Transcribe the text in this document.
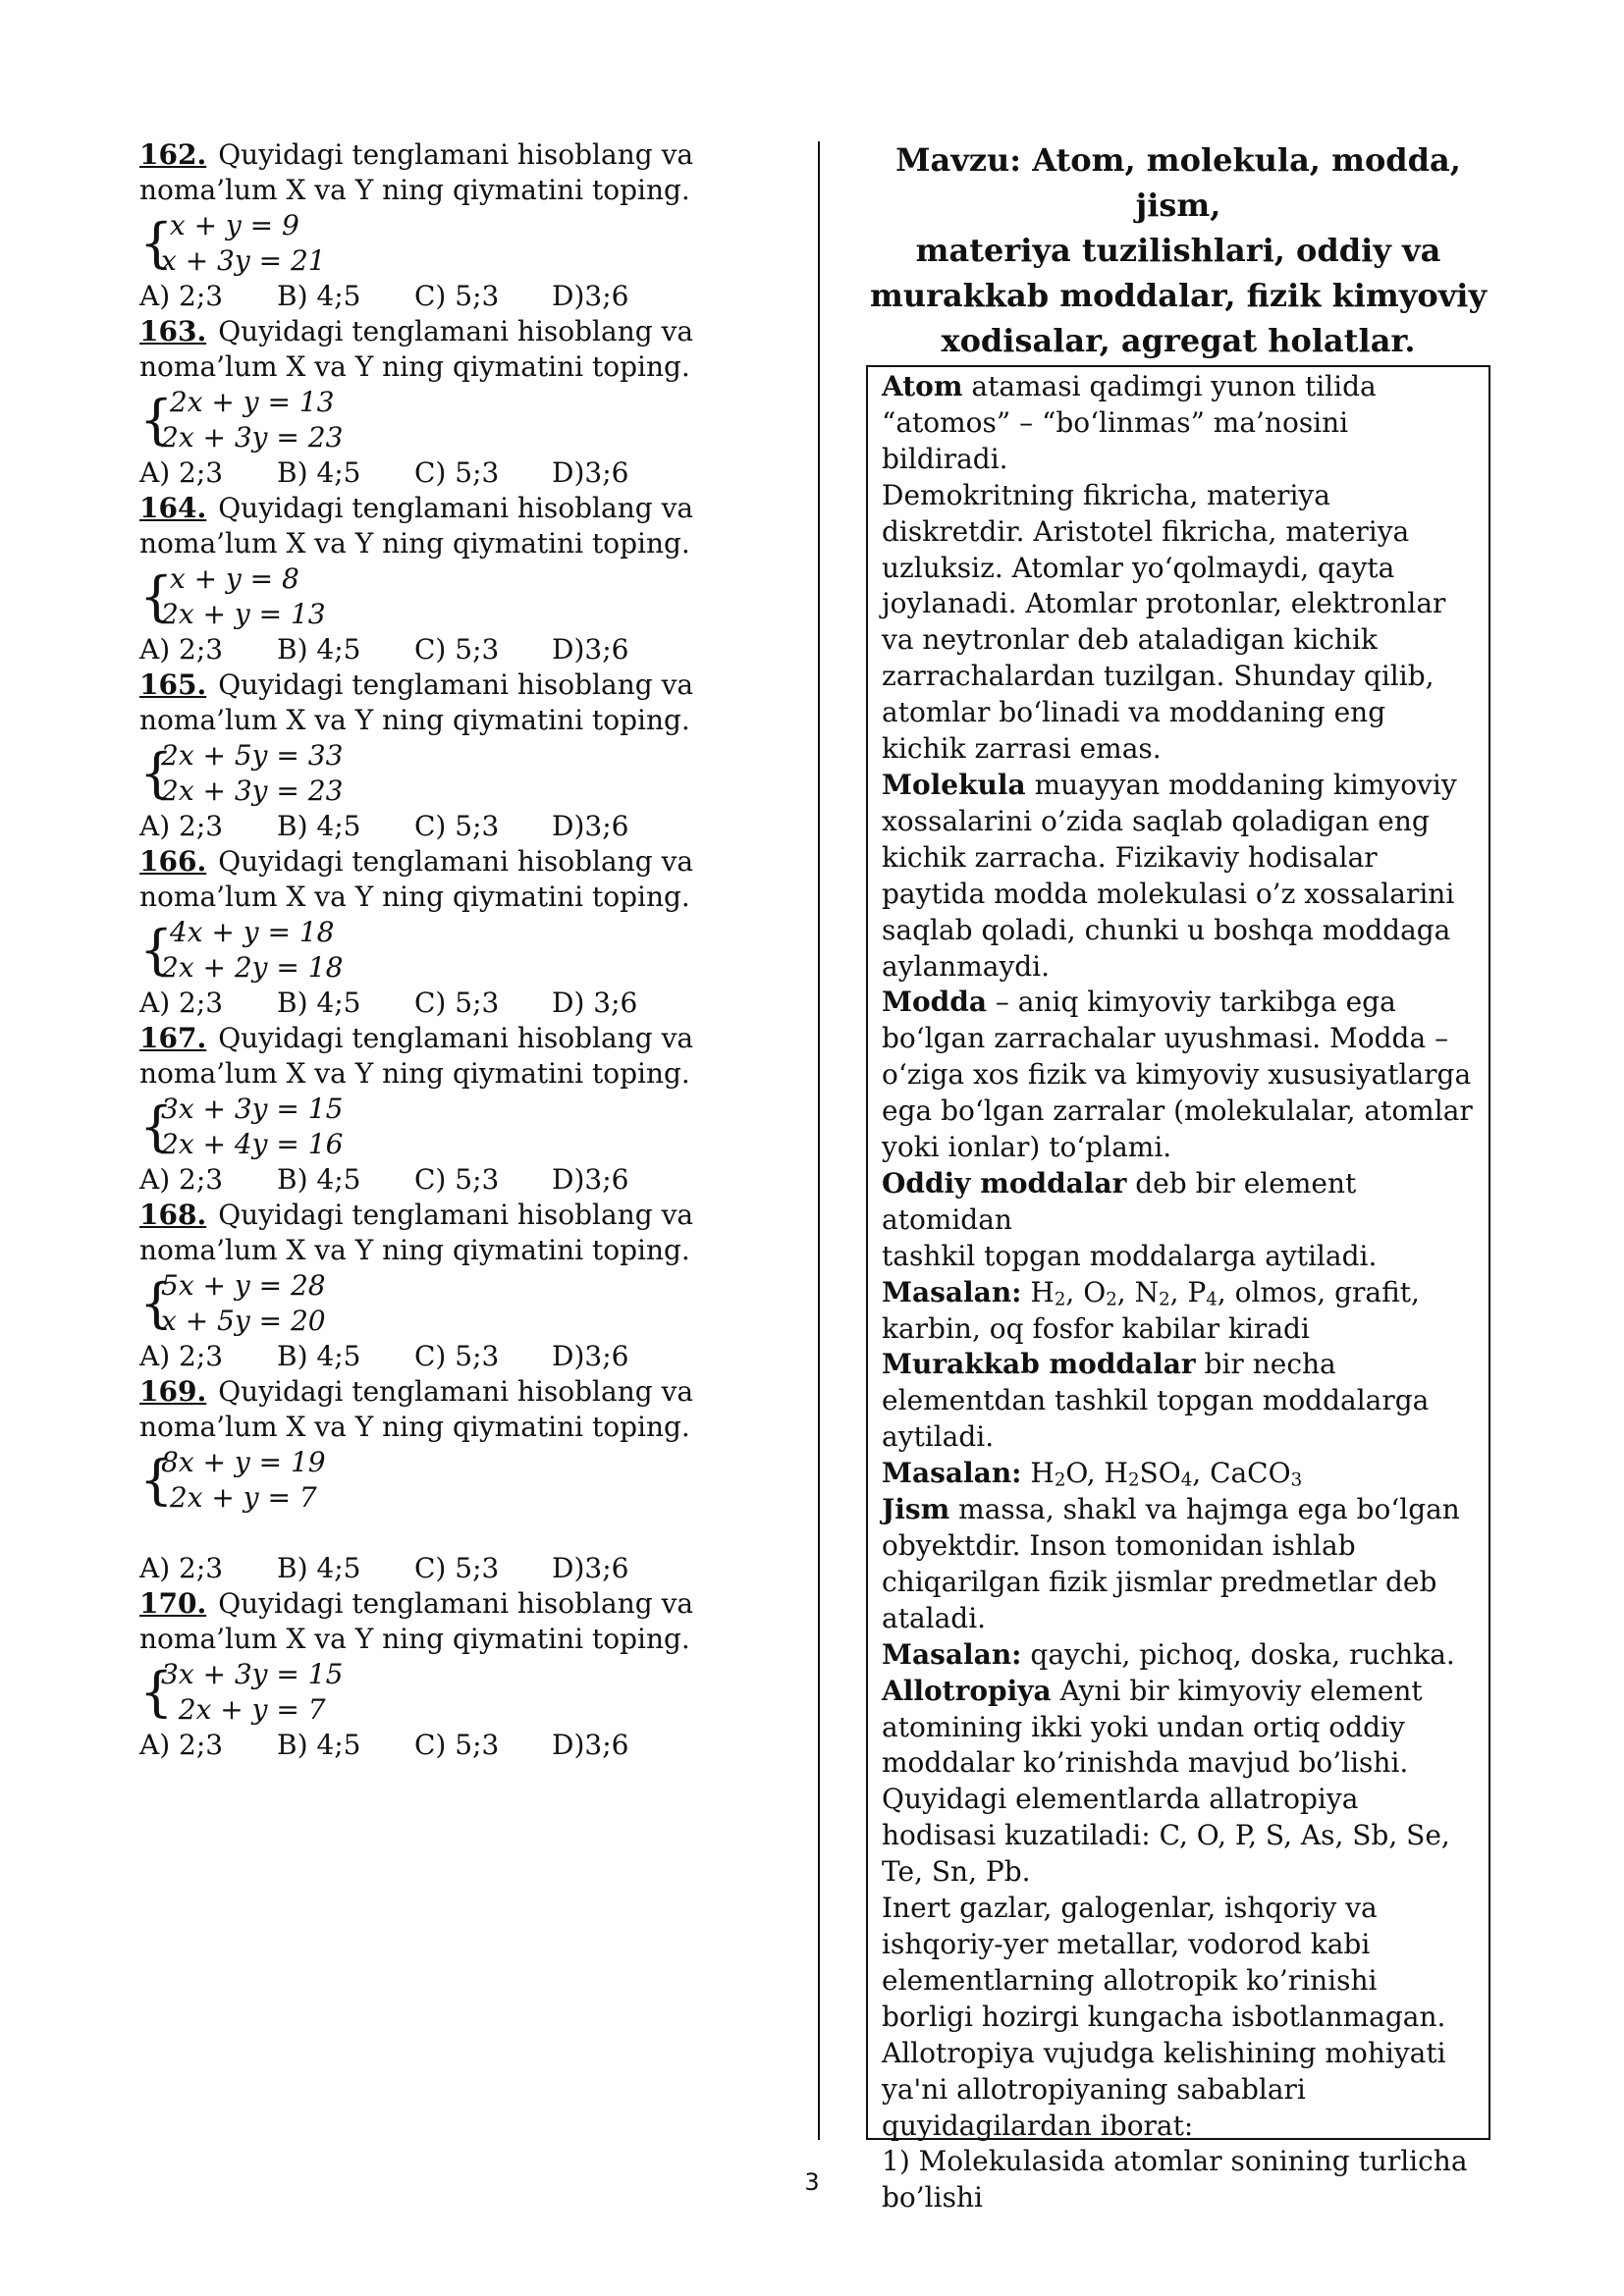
162. Quyidagi tenglamani hisoblang va noma’lum X va Y ning qiymatini toping.
{
x + y = 9
x + 3y = 21
A) 2;3	B) 4;5	C) 5;3	D)3;6
163. Quyidagi tenglamani hisoblang va noma’lum X va Y ning qiymatini toping.
{
2x + y = 13
2x + 3y = 23
A) 2;3	B) 4;5	C) 5;3	D)3;6
164. Quyidagi tenglamani hisoblang va noma’lum X va Y ning qiymatini toping.
{
x + y = 8
2x + y = 13
A) 2;3	B) 4;5	C) 5;3	D)3;6
165. Quyidagi tenglamani hisoblang va noma’lum X va Y ning qiymatini toping.
{
2x + 5y = 33
2x + 3y = 23
A) 2;3	B) 4;5	C) 5;3	D)3;6
166. Quyidagi tenglamani hisoblang va noma’lum X va Y ning qiymatini toping.
{
4x + y = 18
2x + 2y = 18
A) 2;3	B) 4;5	C) 5;3	D) 3;6
167. Quyidagi tenglamani hisoblang va noma’lum X va Y ning qiymatini toping.
{
3x + 3y = 15
2x + 4y = 16
A) 2;3	B) 4;5	C) 5;3	D)3;6
168. Quyidagi tenglamani hisoblang va noma’lum X va Y ning qiymatini toping.
{
5x + y = 28
x + 5y = 20
A) 2;3	B) 4;5	C) 5;3	D)3;6
169. Quyidagi tenglamani hisoblang va noma’lum X va Y ning qiymatini toping.
{
8x + y = 19
2x + y = 7
A) 2;3	B) 4;5	C) 5;3	D)3;6
170. Quyidagi tenglamani hisoblang va noma’lum X va Y ning qiymatini toping.
{
3x + 3y = 15
2x + y = 7
A) 2;3	B) 4;5	C) 5;3	D)3;6
Mavzu: Atom, molekula, modda, jism,
materiya tuzilishlari, oddiy va
murakkab moddalar, fizik kimyoviy
xodisalar, agregat holatlar.

Atom atamasi qadimgi yunon tilida
“atomos” – “bo‘linmas” ma’nosini bildiradi.
Demokritning fikricha, materiya
diskretdir. Aristotel fikricha, materiya
uzluksiz. Atomlar yo‘qolmaydi, qayta
joylanadi. Atomlar protonlar, elektronlar
va neytronlar deb ataladigan kichik
zarrachalardan tuzilgan. Shunday qilib,
atomlar bo‘linadi va moddaning eng
kichik zarrasi emas.

Molekula muayyan moddaning kimyoviy
xossalarini o’zida saqlab qoladigan eng
kichik zarracha. Fizikaviy hodisalar
paytida modda molekulasi o’z xossalarini
saqlab qoladi, chunki u boshqa moddaga
aylanmaydi.

Modda – aniq kimyoviy tarkibga ega
bo‘lgan zarrachalar uyushmasi. Modda –
o‘ziga xos fizik va kimyoviy xususiyatlarga
ega bo‘lgan zarralar (molekulalar, atomlar
yoki ionlar) to‘plami.

Oddiy moddalar deb bir element atomidan
tashkil topgan moddalarga aytiladi.

Masalan: $H_2$, $O_2$, $N_2$, $P_4$, olmos, grafit,
karbin, oq fosfor kabilar kiradi

Murakkab moddalar bir necha
elementdan tashkil topgan moddalarga
aytiladi.

Masalan: $H_2O$, $H_2SO_4$, CaCO$_3$

Jism massa, shakl va hajmga ega bo‘lgan
obyektdir. Inson tomonidan ishlab
chiqarilgan fizik jismlar predmetlar deb
ataladi.

Masalan: qaychi, pichoq, doska, ruchka.

Allotropiya Ayni bir kimyoviy element
atomining ikki yoki undan ortiq oddiy
moddalar ko’rinishda mavjud bo’lishi.
Quyidagi elementlarda allatropiya
hodisasi kuzatiladi: C, O, P, S, As, Sb, Se,
Te, Sn, Pb.
Inert gazlar, galogenlar, ishqoriy va
ishqoriy-yer metallar, vodorod kabi
elementlarning allotropik ko’rinishi
borligi hozirgi kungacha isbotlanmagan.
Allotropiya vujudga kelishining mohiyati
ya'ni allotropiyaning sabablari
quyidagilardan iborat:
1) Molekulasida atomlar sonining turlicha
bo’lishi

3
